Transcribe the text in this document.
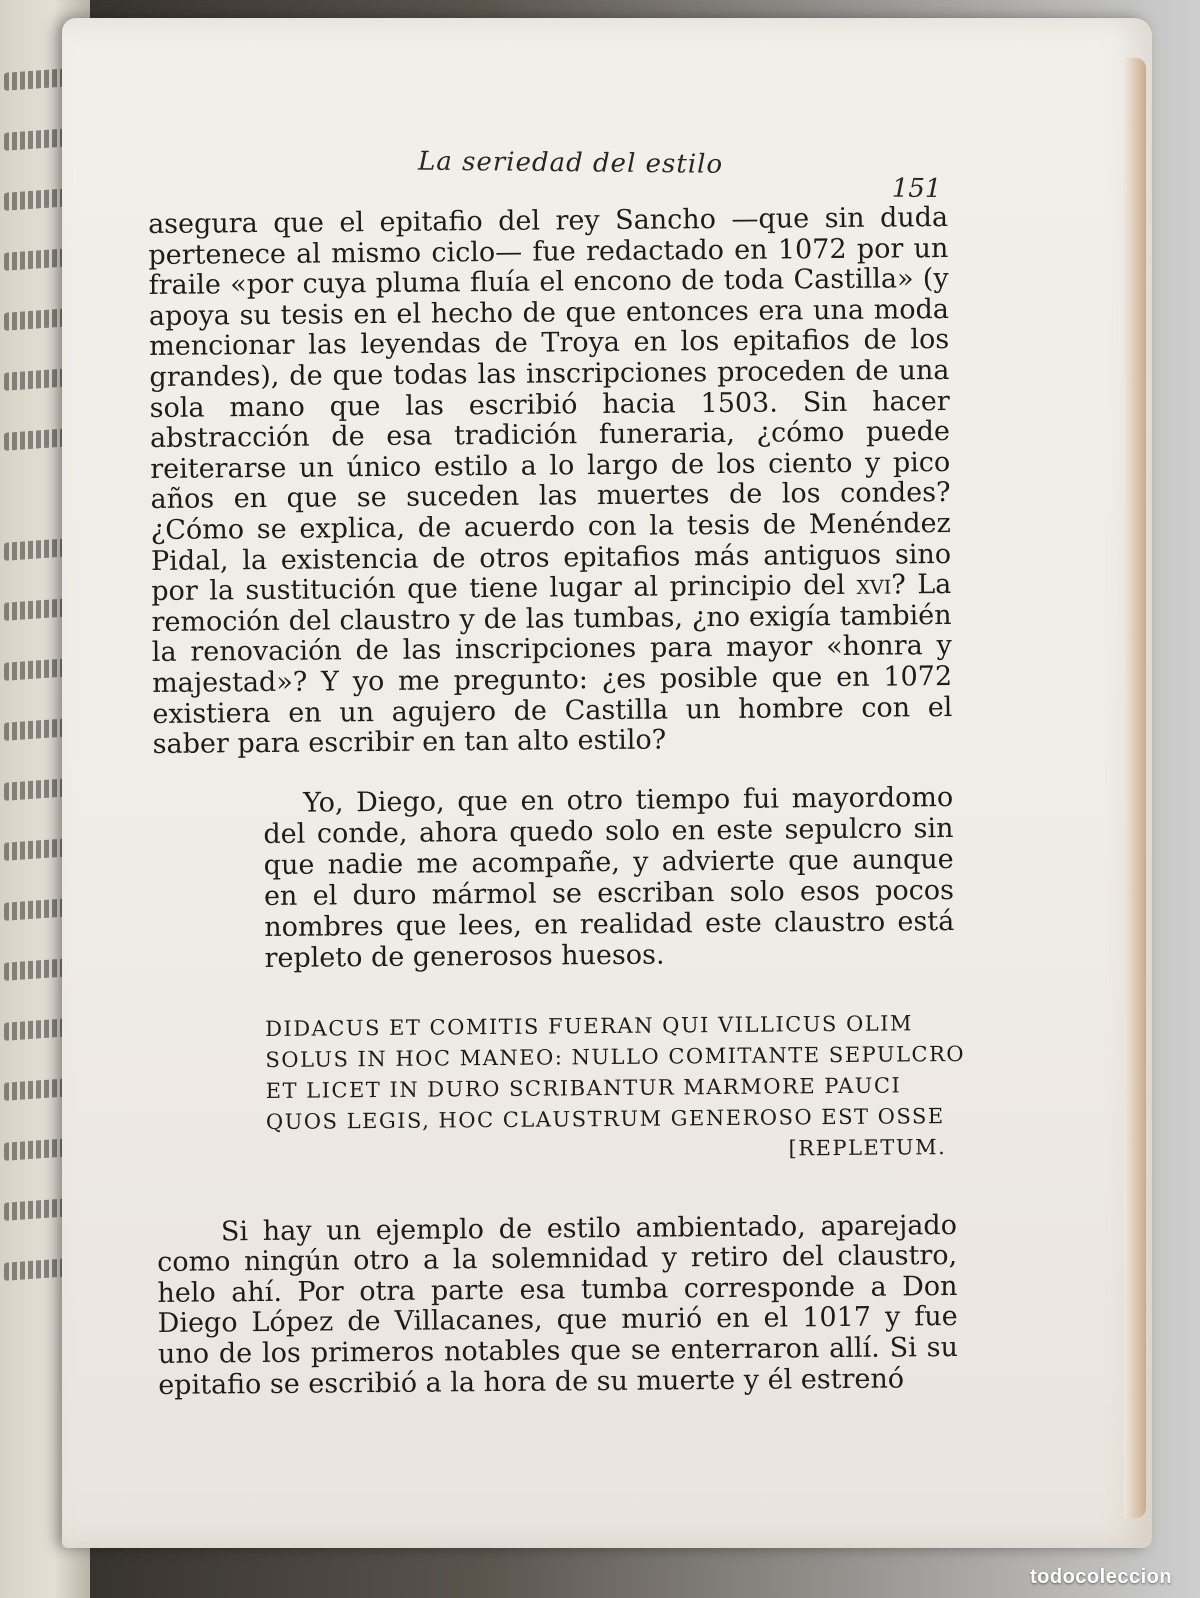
La seriedad del estilo
151

asegura que el epitafio del rey Sancho —que sin duda pertenece al mismo ciclo— fue redactado en 1072 por un fraile «por cuya pluma fluía el encono de toda Castilla» (y apoya su tesis en el hecho de que entonces era una moda mencionar las leyendas de Troya en los epitafios de los grandes), de que todas las inscripciones proceden de una sola mano que las escribió hacia 1503. Sin hacer abstracción de esa tradición funeraria, ¿cómo puede reiterarse un único estilo a lo largo de los ciento y pico años en que se suceden las muertes de los condes? ¿Cómo se explica, de acuerdo con la tesis de Menéndez Pidal, la existencia de otros epitafios más antiguos sino por la sustitución que tiene lugar al principio del xvi? La remoción del claustro y de las tumbas, ¿no exigía también la renovación de las inscripciones para mayor «honra y majestad»? Y yo me pregunto: ¿es posible que en 1072 existiera en un agujero de Castilla un hombre con el saber para escribir en tan alto estilo?

Yo, Diego, que en otro tiempo fui mayordomo del conde, ahora quedo solo en este sepulcro sin que nadie me acompañe, y advierte que aunque en el duro mármol se escriban solo esos pocos nombres que lees, en realidad este claustro está repleto de generosos huesos.

DIDACUS ET COMITIS FUERAN QUI VILLICUS OLIM
SOLUS IN HOC MANEO: NULLO COMITANTE SEPULCRO
ET LICET IN DURO SCRIBANTUR MARMORE PAUCI
QUOS LEGIS, HOC CLAUSTRUM GENEROSO EST OSSE
[REPLETUM.

Si hay un ejemplo de estilo ambientado, aparejado como ningún otro a la solemnidad y retiro del claustro, helo ahí. Por otra parte esa tumba corresponde a Don Diego López de Villacanes, que murió en el 1017 y fue uno de los primeros notables que se enterraron allí. Si su epitafio se escribió a la hora de su muerte y él estrenó

todocoleccion
